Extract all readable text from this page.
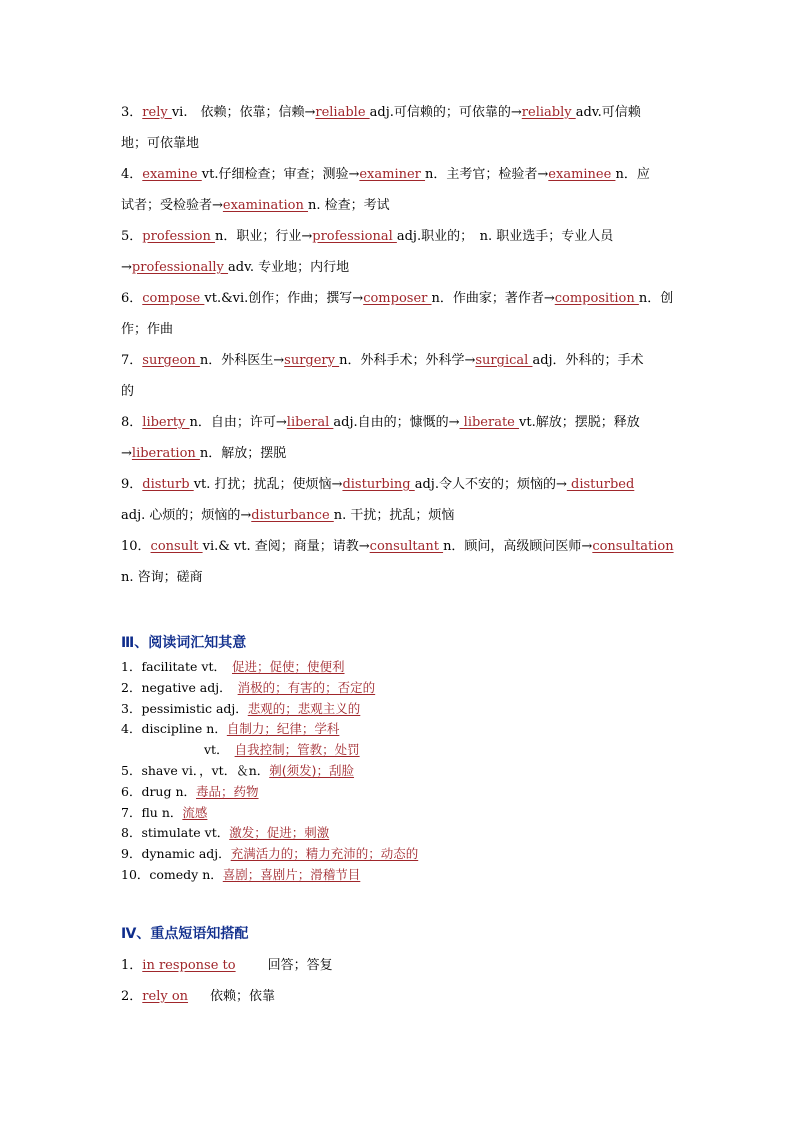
3．rely vi.　依赖；依靠；信赖→reliable adj.可信赖的；可依靠的→reliably adv.可信赖
地；可依靠地
4．examine vt.仔细检查；审查；测验→examiner n．主考官；检验者→examinee n．应
试者；受检验者→examination n. 检查；考试
5．profession n．职业；行业→professional adj.职业的；　n. 职业选手；专业人员
→professionally adv. 专业地；内行地
6．compose vt.&vi.创作；作曲；撰写→composer n．作曲家；著作者→composition n．创
作；作曲
7．surgeon n．外科医生→surgery n．外科手术；外科学→surgical adj．外科的；手术
的
8．liberty n．自由；许可→liberal adj.自由的；慷慨的→ liberate vt.解放；摆脱；释放
→liberation n．解放；摆脱
9．disturb vt. 打扰；扰乱；使烦恼→disturbing adj.令人不安的；烦恼的→ disturbed
adj. 心烦的；烦恼的→disturbance n. 干扰；扰乱；烦恼
10．consult vi.& vt. 查阅；商量；请教→consultant n．顾问，高级顾问医师→consultation
n. 咨询；磋商
Ⅲ、阅读词汇知其意
1．facilitate vt． 促进；促使；使便利
2．negative adj． 消极的；有害的；否定的
3．pessimistic adj．悲观的；悲观主义的
4．discipline n．自制力；纪律；学科
vt． 自我控制；管教；处罚
5．shave vi．，vt．＆n．剃(须发)；刮脸
6．drug n．毒品；药物
7．flu n．流感
8．stimulate vt．激发；促进；刺激
9．dynamic adj．充满活力的；精力充沛的；动态的
10．comedy n．喜剧；喜剧片；滑稽节目
Ⅳ、重点短语知搭配
1．in response to 回答；答复
2．rely on 依赖；依靠
